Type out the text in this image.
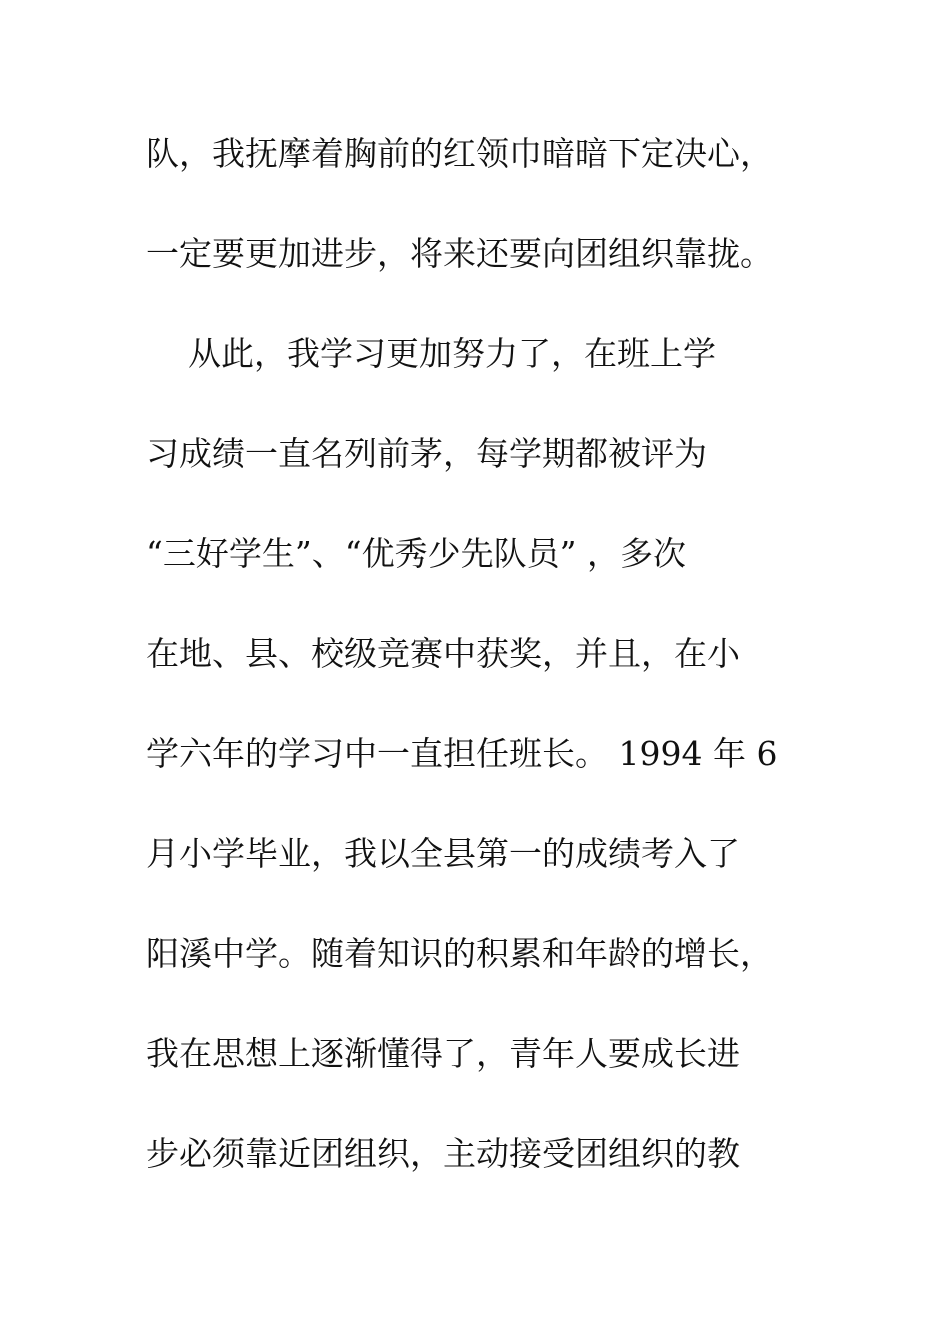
队，我抚摩着胸前的红领巾暗暗下定决心，

一定要更加进步，将来还要向团组织靠拢。

从此，我学习更加努力了，在班上学

习成绩一直名列前茅，每学期都被评为

“三好学生”、“优秀少先队员” ，多次

在地、县、校级竞赛中获奖，并且，在小

学六年的学习中一直担任班长。 1994 年 6

月小学毕业，我以全县第一的成绩考入了

阳溪中学。随着知识的积累和年龄的增长，

我在思想上逐渐懂得了，青年人要成长进

步必须靠近团组织，主动接受团组织的教
